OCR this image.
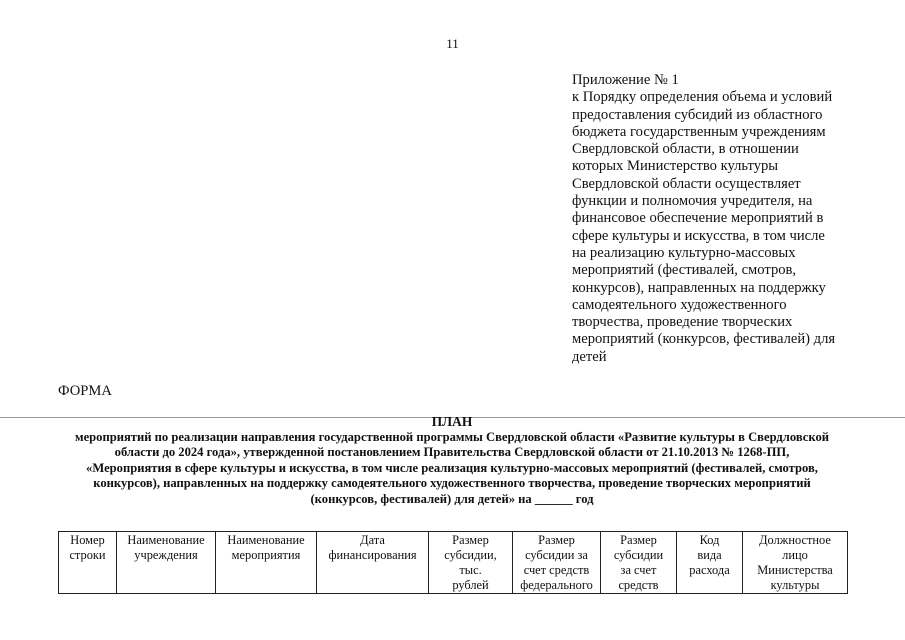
11
Приложение № 1
к Порядку определения объема и условий
предоставления субсидий из областного
бюджета государственным учреждениям
Свердловской области, в отношении
которых Министерство культуры
Свердловской области осуществляет
функции и полномочия учредителя, на
финансовое обеспечение мероприятий в
сфере культуры и искусства, в том числе
на реализацию культурно-массовых
мероприятий (фестивалей, смотров,
конкурсов), направленных на поддержку
самодеятельного художественного
творчества, проведение творческих
мероприятий (конкурсов, фестивалей) для
детей
ФОРМА
ПЛАН
мероприятий по реализации направления государственной программы Свердловской области «Развитие культуры в Свердловской
области до 2024 года», утвержденной постановлением Правительства Свердловской области от 21.10.2013 № 1268-ПП,
«Мероприятия в сфере культуры и искусства, в том числе реализация культурно-массовых мероприятий (фестивалей, смотров,
конкурсов), направленных на поддержку самодеятельного художественного творчества, проведение творческих мероприятий
(конкурсов, фестивалей) для детей» на ______ год
Номер
строки

Наименование
учреждения

Наименование
мероприятия

Дата
финансирования

Размер
субсидии,
тыс.
рублей

Размер
субсидии за
счет средств
федерального

Размер
субсидии
за счет
средств

Код
вида
расхода

Должностное
лицо
Министерства
культуры
